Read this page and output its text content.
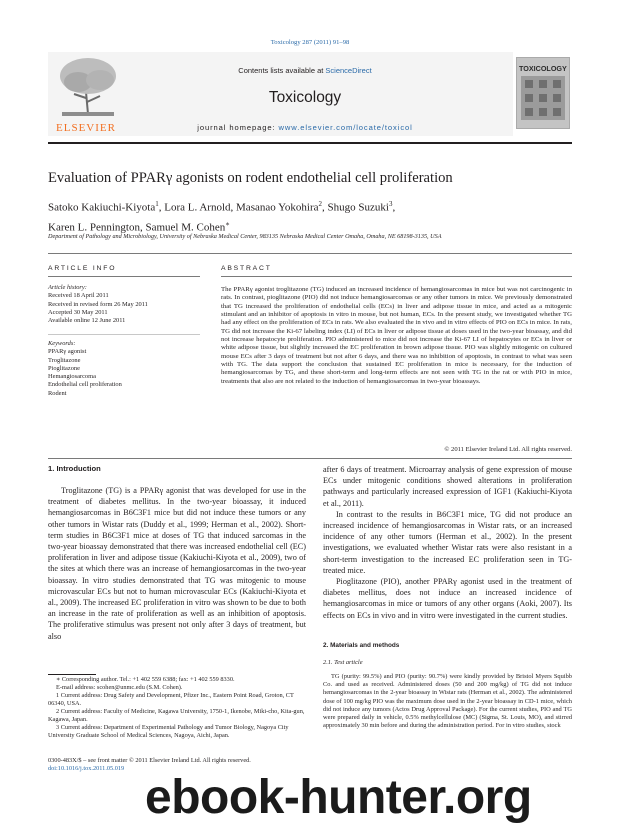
Toxicology 287 (2011) 91–98
ELSEVIER
Contents lists available at ScienceDirect
Toxicology
journal homepage: www.elsevier.com/locate/toxicol
TOXICOLOGY
Evaluation of PPARγ agonists on rodent endothelial cell proliferation
Satoko Kakiuchi-Kiyota$^1$, Lora L. Arnold, Masanao Yokohira$^2$, Shugo Suzuki$^3$,
Karen L. Pennington, Samuel M. Cohen∗
Department of Pathology and Microbiology, University of Nebraska Medical Center, 983135 Nebraska Medical Center Omaha, Omaha, NE 68198-3135, USA
ARTICLE INFO
Article history:
Received 18 April 2011
Received in revised form 26 May 2011
Accepted 30 May 2011
Available online 12 June 2011
Keywords:
PPARγ agonist
Troglitazone
Pioglitazone
Hemangiosarcoma
Endothelial cell proliferation
Rodent
ABSTRACT
The PPARγ agonist troglitazone (TG) induced an increased incidence of hemangiosarcomas in mice but was not carcinogenic in rats. In contrast, pioglitazone (PIO) did not induce hemangiosarcomas or any other tumors in mice. We previously demonstrated that TG increased the proliferation of endothelial cells (ECs) in liver and adipose tissue in mice, and acted as a mitogenic stimulant and an inhibitor of apoptosis in vitro in mouse, but not human, ECs. In the present study, we investigated whether TG had any effect on the proliferation of ECs in rats. We also evaluated the in vivo and in vitro effects of PIO on ECs in mice. In rats, TG did not increase the Ki-67 labeling index (LI) of ECs in liver or adipose tissue at doses used in the two-year bioassay, and did not increase hepatocyte proliferation. PIO administered to mice did not increase the Ki-67 LI of hepatocytes or ECs in liver or white adipose tissue, but slightly increased the EC proliferation in brown adipose tissue. PIO was slightly mitogenic on cultured mouse ECs after 3 days of treatment but not after 6 days, and there was no inhibition of apoptosis, in contrast to what was seen with TG. The data support the conclusion that sustained EC proliferation in mice is necessary, for the induction of hemangiosarcomas by TG, and these short-term and long-term effects are not seen with TG in the rat or with PIO in mice, treatments that also are not related to the induction of hemangiosarcomas in two-year bioassays.
© 2011 Elsevier Ireland Ltd. All rights reserved.
1. Introduction

Troglitazone (TG) is a PPARγ agonist that was developed for use in the treatment of diabetes mellitus. In the two-year bioassay, it induced hemangiosarcomas in B6C3F1 mice but did not induce these tumors or any other tumors in Wistar rats (Duddy et al., 1999; Herman et al., 2002). Short-term studies in B6C3F1 mice at doses of TG that induced sarcomas in the two-year bioassay demonstrated that there was increased endothelial cell (EC) proliferation in liver and adipose tissue (Kakiuchi-Kiyota et al., 2009), two of the sites at which there was an increase of hemangiosarcomas in the two-year bioassay. In vitro studies demonstrated that TG was mitogenic to mouse microvascular ECs but not to human microvascular ECs (Kakiuchi-Kiyota et al., 2009). The increased EC proliferation in vitro was shown to be due to both an increase in the rate of proliferation as well as an inhibition of apoptosis. The proliferative stimulus was present not only after 3 days of treatment, but also

∗ Corresponding author. Tel.: +1 402 559 6388; fax: +1 402 559 8330.

E-mail address: scohen@unmc.edu (S.M. Cohen).

1 Current address: Drug Safety and Development, Pfizer Inc., Eastern Point Road, Groton, CT 06340, USA.

2 Current address: Faculty of Medicine, Kagawa University, 1750-1, Ikenobe, Miki-cho, Kita-gun, Kagawa, Japan.

3 Current address: Department of Experimental Pathology and Tumor Biology, Nagoya City University Graduate School of Medical Sciences, Nagoya, Aichi, Japan.

0300-483X/$ – see front matter © 2011 Elsevier Ireland Ltd. All rights reserved.
doi:10.1016/j.tox.2011.05.019

after 6 days of treatment. Microarray analysis of gene expression of mouse ECs under mitogenic conditions showed alterations in proliferation pathways and particularly increased expression of IGF1 (Kakiuchi-Kiyota et al., 2011).

In contrast to the results in B6C3F1 mice, TG did not produce an increased incidence of hemangiosarcomas in Wistar rats, or an increased incidence of any other tumors (Herman et al., 2002). In the present investigations, we evaluated whether Wistar rats were also resistant in a short-term investigation to the increased EC proliferation seen in TG-treated mice.

Pioglitazone (PIO), another PPARγ agonist used in the treatment of diabetes mellitus, does not induce an increased incidence of hemangiosarcomas in mice or tumors of any other organs (Aoki, 2007). Its effects on ECs in vivo and in vitro were investigated in the current studies.

2. Materials and methods
2.1. Test article

TG (purity: 99.5%) and PIO (purity: 90.7%) were kindly provided by Bristol Myers Squibb Co. and used as received. Administered doses (50 and 200 mg/kg) of TG did not induce hemangiosarcomas in the 2-year bioassay in Wistar rats (Herman et al., 2002). The administered dose of 100 mg/kg PIO was the maximum dose used in the 2-year bioassay in CD-1 mice, which did not induce any tumors (Actos Drug Approval Package). For the current studies, PIO and TG were prepared daily in vehicle, 0.5% methylcellulose (MC) (Sigma, St. Louis, MO), and stirred approximately 30 min before and during the administration period. For in vitro studies, stock

ebook-hunter.org
